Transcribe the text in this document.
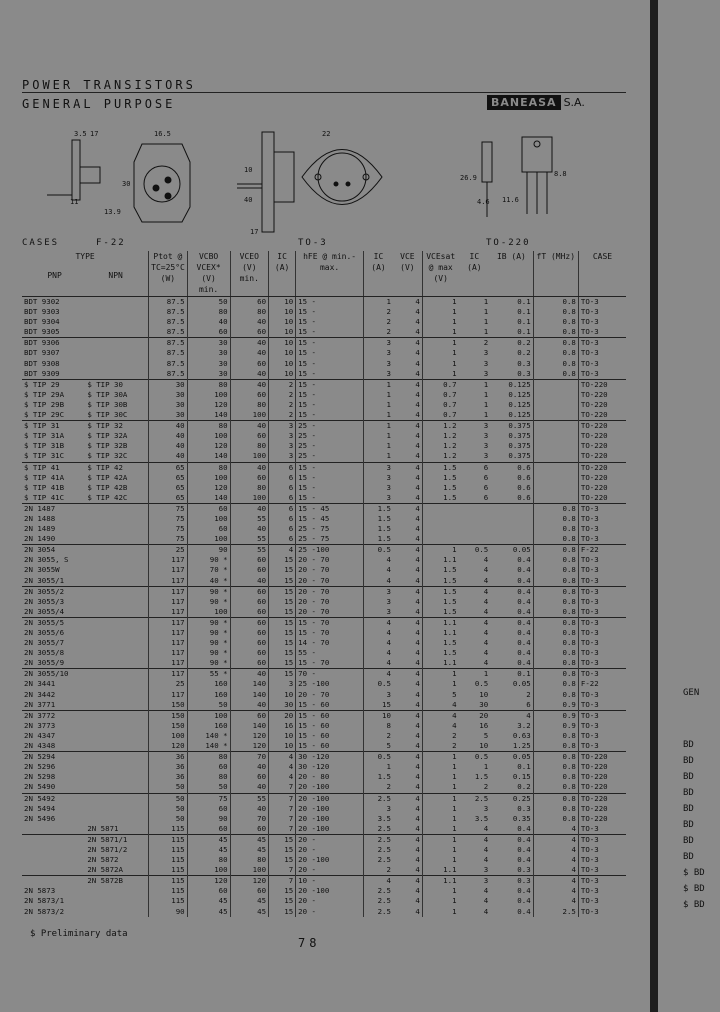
POWER TRANSISTORS
GENERAL PURPOSE	BANEASA S.A.
3.5 17	16.5
30
11
13.9
22
10
40
17
26.9	8.8
11.6
4.6
CASES	F-22	TO-3	TO-220
TYPE
PNP NPN		Ptot @ TC=25°C (W)	VCBO VCEX* (V) min.	VCEO (V) min.	IC (A)	hFE @ min.-max.	IC (A)	VCE (V)	VCEsat @ max (V)	IC (A)	IB (A)	fT (MHz)	CASE
BDT 9302		87.5	50	60	10	15 -	1	4	1	1	0.1	0.8	TO-3
BDT 9303		87.5	80	80	10	15 -	2	4	1	1	0.1	0.8	TO-3
BDT 9304		87.5	40	40	10	15 -	2	4	1	1	0.1	0.8	TO-3
BDT 9305		87.5	60	60	10	15 -	2	4	1	1	0.1	0.8	TO-3
BDT 9306		87.5	30	40	10	15 -	3	4	1	2	0.2	0.8	TO-3
BDT 9307		87.5	30	40	10	15 -	3	4	1	3	0.2	0.8	TO-3
BDT 9308		87.5	30	60	10	15 -	3	4	1	3	0.3	0.8	TO-3
BDT 9309		87.5	30	40	10	15 -	3	4	1	3	0.3	0.8	TO-3
$ TIP 29	$ TIP 30	30	80	40	2	15 -	1	4	0.7	1	0.125		TO-220
$ TIP 29A	$ TIP 30A	30	100	60	2	15 -	1	4	0.7	1	0.125		TO-220
$ TIP 29B	$ TIP 30B	30	120	80	2	15 -	1	4	0.7	1	0.125		TO-220
$ TIP 29C	$ TIP 30C	30	140	100	2	15 -	1	4	0.7	1	0.125		TO-220
$ TIP 31	$ TIP 32	40	80	40	3	25 -	1	4	1.2	3	0.375		TO-220
$ TIP 31A	$ TIP 32A	40	100	60	3	25 -	1	4	1.2	3	0.375		TO-220
$ TIP 31B	$ TIP 32B	40	120	80	3	25 -	1	4	1.2	3	0.375		TO-220
$ TIP 31C	$ TIP 32C	40	140	100	3	25 -	1	4	1.2	3	0.375		TO-220
$ TIP 41	$ TIP 42	65	80	40	6	15 -	3	4	1.5	6	0.6		TO-220
$ TIP 41A	$ TIP 42A	65	100	60	6	15 -	3	4	1.5	6	0.6		TO-220
$ TIP 41B	$ TIP 42B	65	120	80	6	15 -	3	4	1.5	6	0.6		TO-220
$ TIP 41C	$ TIP 42C	65	140	100	6	15 -	3	4	1.5	6	0.6		TO-220
2N 1487		75	60	40	6	15 - 45	1.5	4				0.8	TO-3
2N 1488		75	100	55	6	15 - 45	1.5	4				0.8	TO-3
2N 1489		75	60	40	6	25 - 75	1.5	4				0.8	TO-3
2N 1490		75	100	55	6	25 - 75	1.5	4				0.8	TO-3
2N 3054		25	90	55	4	25 -100	0.5	4	1	0.5	0.05	0.8	F-22
2N 3055, S		117	90 *	60	15	20 - 70	4	4	1.1	4	0.4	0.8	TO-3
2N 3055W		117	70 *	60	15	20 - 70	4	4	1.5	4	0.4	0.8	TO-3
2N 3055/1		117	40 *	40	15	20 - 70	4	4	1.5	4	0.4	0.8	TO-3
2N 3055/2		117	90 *	60	15	20 - 70	3	4	1.5	4	0.4	0.8	TO-3
2N 3055/3		117	90 *	60	15	20 - 70	3	4	1.5	4	0.4	0.8	TO-3
2N 3055/4		117	100	60	15	20 - 70	3	4	1.5	4	0.4	0.8	TO-3
2N 3055/5		117	90 *	60	15	15 - 70	4	4	1.1	4	0.4	0.8	TO-3
2N 3055/6		117	90 *	60	15	15 - 70	4	4	1.1	4	0.4	0.8	TO-3
2N 3055/7		117	90 *	60	15	14 - 70	4	4	1.5	4	0.4	0.8	TO-3
2N 3055/8		117	90 *	60	15	55 -	4	4	1.5	4	0.4	0.8	TO-3
2N 3055/9		117	90 *	60	15	15 - 70	4	4	1.1	4	0.4	0.8	TO-3
2N 3055/10		117	55 *	40	15	70 -	4	4	1	1	0.1	0.8	TO-3
2N 3441		25	160	140	3	25 -100	0.5	4	1	0.5	0.05	0.8	F-22
2N 3442		117	160	140	10	20 - 70	3	4	5	10	2	0.8	TO-3
2N 3771		150	50	40	30	15 - 60	15	4	4	30	6	0.9	TO-3
2N 3772		150	100	60	20	15 - 60	10	4	4	20	4	0.9	TO-3
2N 3773		150	160	140	16	15 - 60	8	4	4	16	3.2	0.9	TO-3
2N 4347		100	140 *	120	10	15 - 60	2	4	2	5	0.63	0.8	TO-3
2N 4348		120	140 *	120	10	15 - 60	5	4	2	10	1.25	0.8	TO-3
2N 5294		36	80	70	4	30 -120	0.5	4	1	0.5	0.05	0.8	TO-220
2N 5296		36	60	40	4	30 -120	1	4	1	1	0.1	0.8	TO-220
2N 5298		36	80	60	4	20 - 80	1.5	4	1	1.5	0.15	0.8	TO-220
2N 5490		50	50	40	7	20 -100	2	4	1	2	0.2	0.8	TO-220
2N 5492		50	75	55	7	20 -100	2.5	4	1	2.5	0.25	0.8	TO-220
2N 5494		50	60	40	7	20 -100	3	4	1	3	0.3	0.8	TO-220
2N 5496		50	90	70	7	20 -100	3.5	4	1	3.5	0.35	0.8	TO-220
	2N 5871	115	60	60	7	20 -100	2.5	4	1	4	0.4	4	TO-3
	2N 5871/1	115	45	45	15	20 -	2.5	4	1	4	0.4	4	TO-3
	2N 5871/2	115	45	45	15	20 -	2.5	4	1	4	0.4	4	TO-3
	2N 5872	115	80	80	15	20 -100	2.5	4	1	4	0.4	4	TO-3
	2N 5872A	115	100	100	7	20 -	2	4	1.1	3	0.3	4	TO-3
	2N 5872B	115	120	120	7	10 -	4	4	1.1	3	0.3	4	TO-3
2N 5873		115	60	60	15	20 -100	2.5	4	1	4	0.4	4	TO-3
2N 5873/1		115	45	45	15	20 -	2.5	4	1	4	0.4	4	TO-3
2N 5873/2		90	45	45	15	20 -	2.5	4	1	4	0.4	2.5	TO-3
$ Preliminary data
78
GEN
BD
BD
BD
BD
BD
BD
BD
BD
$ BD
$ BD
$ BD
